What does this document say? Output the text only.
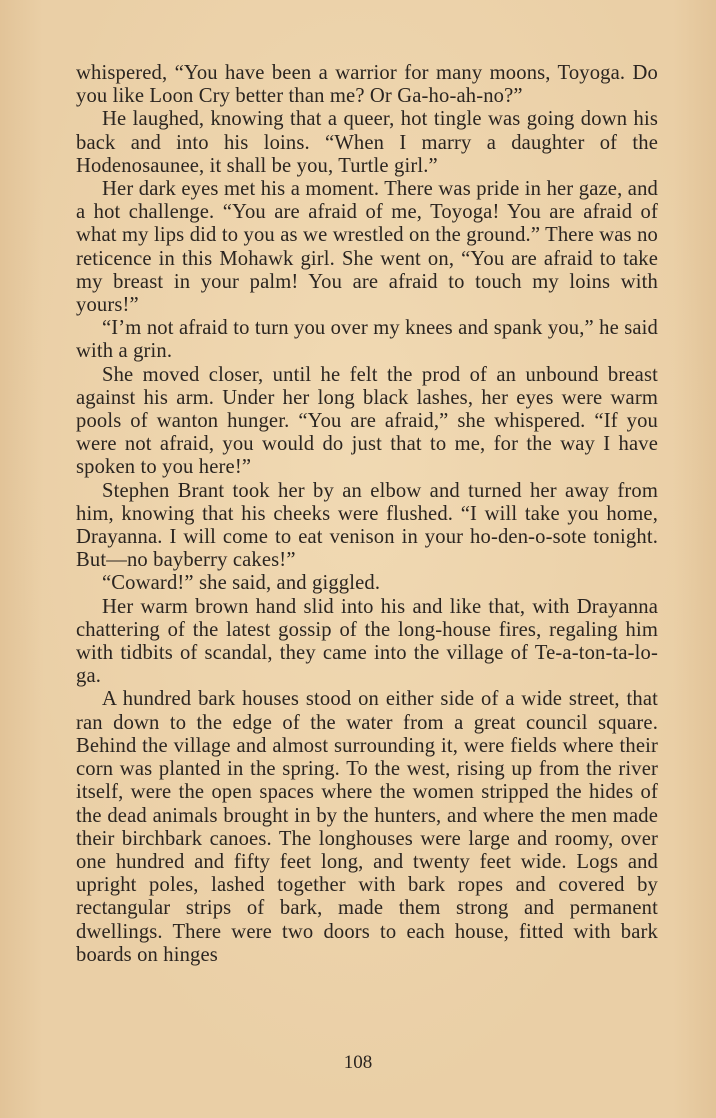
whispered, “You have been a warrior for many moons, Toyoga. Do you like Loon Cry better than me? Or Ga-ho-ah-no?”

He laughed, knowing that a queer, hot tingle was going down his back and into his loins. “When I marry a daughter of the Hodenosaunee, it shall be you, Turtle girl.”

Her dark eyes met his a moment. There was pride in her gaze, and a hot challenge. “You are afraid of me, Toyoga! You are afraid of what my lips did to you as we wrestled on the ground.” There was no reticence in this Mohawk girl. She went on, “You are afraid to take my breast in your palm! You are afraid to touch my loins with yours!”

“I’m not afraid to turn you over my knees and spank you,” he said with a grin.

She moved closer, until he felt the prod of an unbound breast against his arm. Under her long black lashes, her eyes were warm pools of wanton hunger. “You are afraid,” she whispered. “If you were not afraid, you would do just that to me, for the way I have spoken to you here!”

Stephen Brant took her by an elbow and turned her away from him, knowing that his cheeks were flushed. “I will take you home, Drayanna. I will come to eat venison in your ho-den-o-sote tonight. But—no bayberry cakes!”

“Coward!” she said, and giggled.

Her warm brown hand slid into his and like that, with Drayanna chattering of the latest gossip of the long-house fires, regaling him with tidbits of scandal, they came into the village of Te-a-ton-ta-lo-ga.

A hundred bark houses stood on either side of a wide street, that ran down to the edge of the water from a great council square. Behind the village and almost surrounding it, were fields where their corn was planted in the spring. To the west, rising up from the river itself, were the open spaces where the women stripped the hides of the dead animals brought in by the hunters, and where the men made their birchbark canoes. The longhouses were large and roomy, over one hundred and fifty feet long, and twenty feet wide. Logs and upright poles, lashed together with bark ropes and covered by rectangular strips of bark, made them strong and permanent dwellings. There were two doors to each house, fitted with bark boards on hinges

108
